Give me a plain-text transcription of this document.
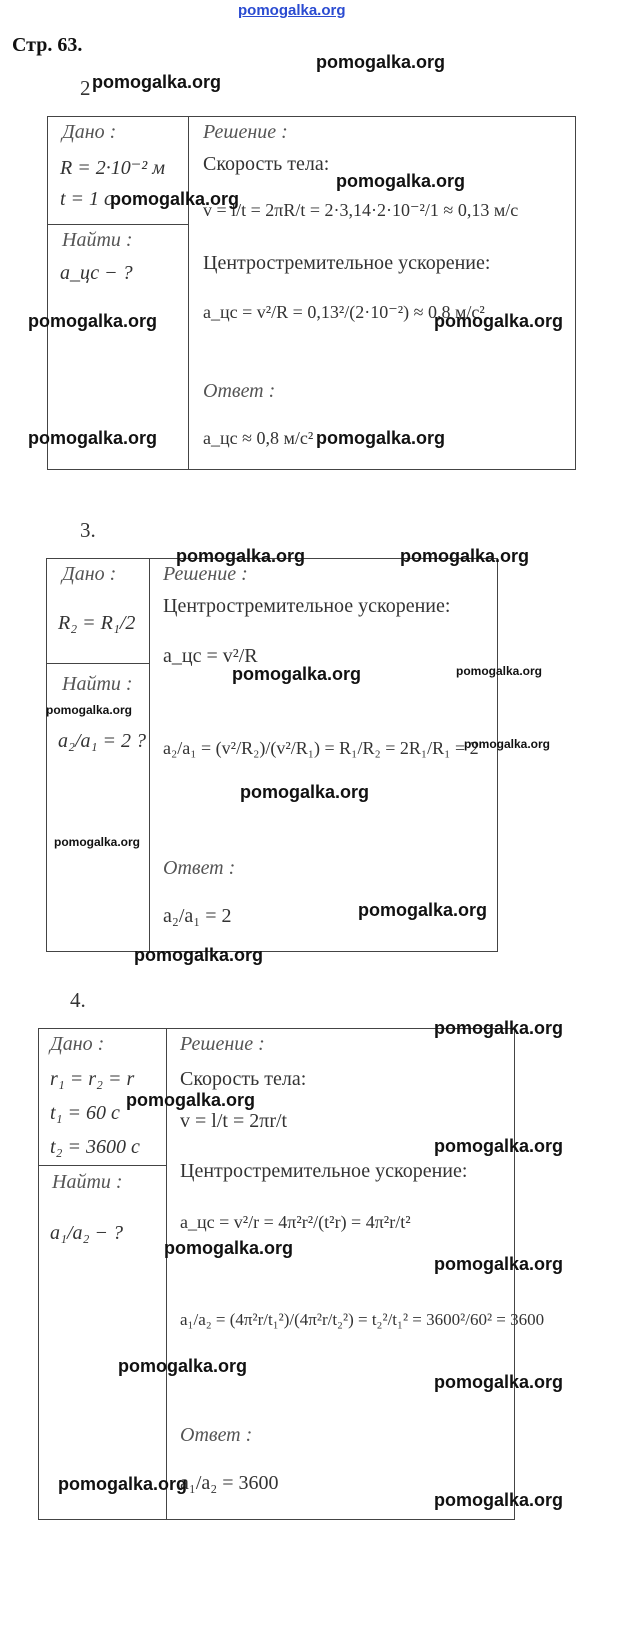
pomogalka.org
Стр. 63.
2
Дано :
R = 2·10⁻² м
t = 1 с
Найти :
a_цс − ?
Решение :
Скорость тела:
v = l/t = 2πR/t = 2·3,14·2·10⁻²/1 ≈ 0,13 м/с
Центростремительное ускорение:
a_цс = v²/R = 0,13²/(2·10⁻²) ≈ 0,8 м/с²
Ответ :
a_цс ≈ 0,8 м/с²
3.
Дано :
R₂ = R₁/2
Найти :
a₂/a₁ = 2 ?
Решение :
Центростремительное ускорение:
a_цс = v²/R
a₂/a₁ = (v²/R₂)/(v²/R₁) = R₁/R₂ = 2R₁/R₁ = 2
Ответ :
a₂/a₁ = 2
4.
Дано :
r₁ = r₂ = r
t₁ = 60 с
t₂ = 3600 с
Найти :
a₁/a₂ − ?
Решение :
Скорость тела:
v = l/t = 2πr/t
Центростремительное ускорение:
a_цс = v²/r = 4π²r²/(t²r) = 4π²r/t²
a₁/a₂ = (4π²r/t₁²)/(4π²r/t₂²) = t₂²/t₁² = 3600²/60² = 3600
Ответ :
a₁/a₂ = 3600
pomogalka.org
pomogalka.org
pomogalka.org
pomogalka.org
pomogalka.org	pomogalka.org
pomogalka.org	pomogalka.org
pomogalka.org	pomogalka.org
pomogalka.org	pomogalka.org
pomogalka.org
pomogalka.org
pomogalka.org
pomogalka.org
pomogalka.org
pomogalka.org
pomogalka.org
pomogalka.org
pomogalka.org
pomogalka.org
pomogalka.org
pomogalka.org
pomogalka.org
pomogalka.org
pomogalka.org
